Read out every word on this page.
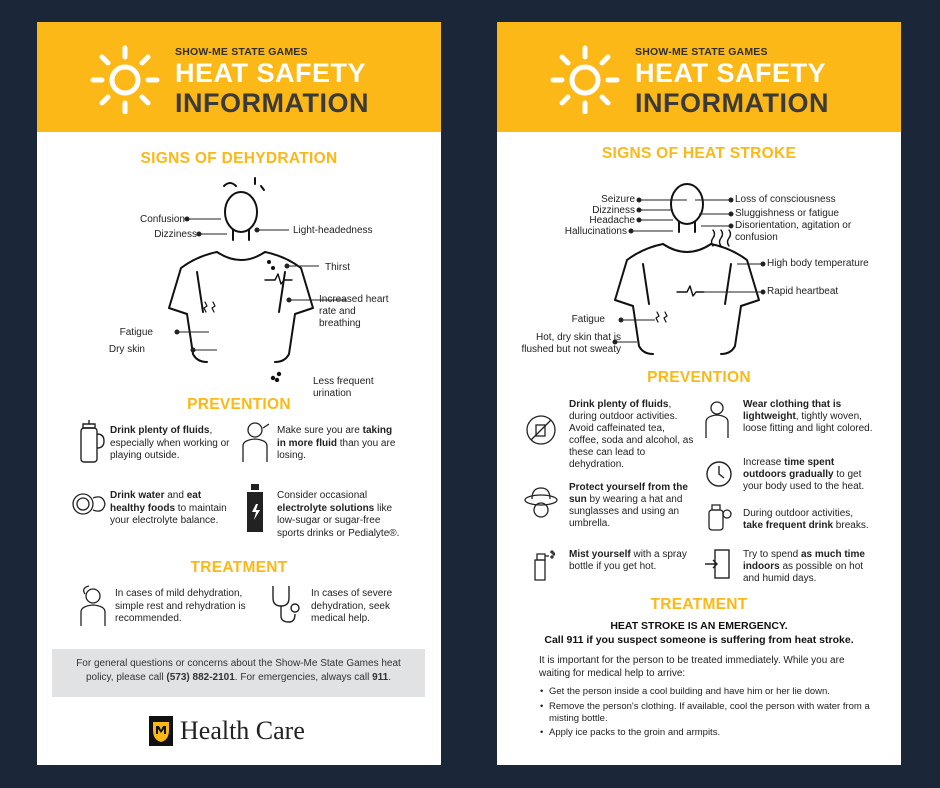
SHOW-ME STATE GAMES
HEAT SAFETY
INFORMATION
SIGNS OF DEHYDRATION
Confusion
Dizziness	Light-headedness
Thirst
Increased heart rate and breathing
Fatigue
Dry skin
Less frequent urination
PREVENTION
Drink plenty of fluids, especially when working or playing outside.
Make sure you are taking in more fluid than you are losing.
Drink water and eat healthy foods to maintain your electrolyte balance.
Consider occasional electrolyte solutions like low-sugar or sugar-free sports drinks or Pedialyte®.
TREATMENT
In cases of mild dehydration, simple rest and rehydration is recommended.
In cases of severe dehydration, seek medical help.
For general questions or concerns about the Show-Me State Games heat policy, please call (573) 882-2101. For emergencies, always call 911.
Health Care
SHOW-ME STATE GAMES
HEAT SAFETY
INFORMATION
SIGNS OF HEAT STROKE
Seizure
Dizziness
Headache
Hallucinations
Loss of consciousness
Sluggishness or fatigue
Disorientation, agitation or confusion
High body temperature
Rapid heartbeat
Fatigue
Hot, dry skin that is flushed but not sweaty
PREVENTION
Drink plenty of fluids, during outdoor activities. Avoid caffeinated tea, coffee, soda and alcohol, as these can lead to dehydration.
Protect yourself from the sun by wearing a hat and sunglasses and using an umbrella.
Mist yourself with a spray bottle if you get hot.
Wear clothing that is lightweight, tightly woven, loose fitting and light colored.
Increase time spent outdoors gradually to get your body used to the heat.
During outdoor activities, take frequent drink breaks.
Try to spend as much time indoors as possible on hot and humid days.
TREATMENT
HEAT STROKE IS AN EMERGENCY.
Call 911 if you suspect someone is suffering from heat stroke.
It is important for the person to be treated immediately. While you are waiting for medical help to arrive:
• Get the person inside a cool building and have him or her lie down.
• Remove the person's clothing. If available, cool the person with water from a misting bottle.
• Apply ice packs to the groin and armpits.
